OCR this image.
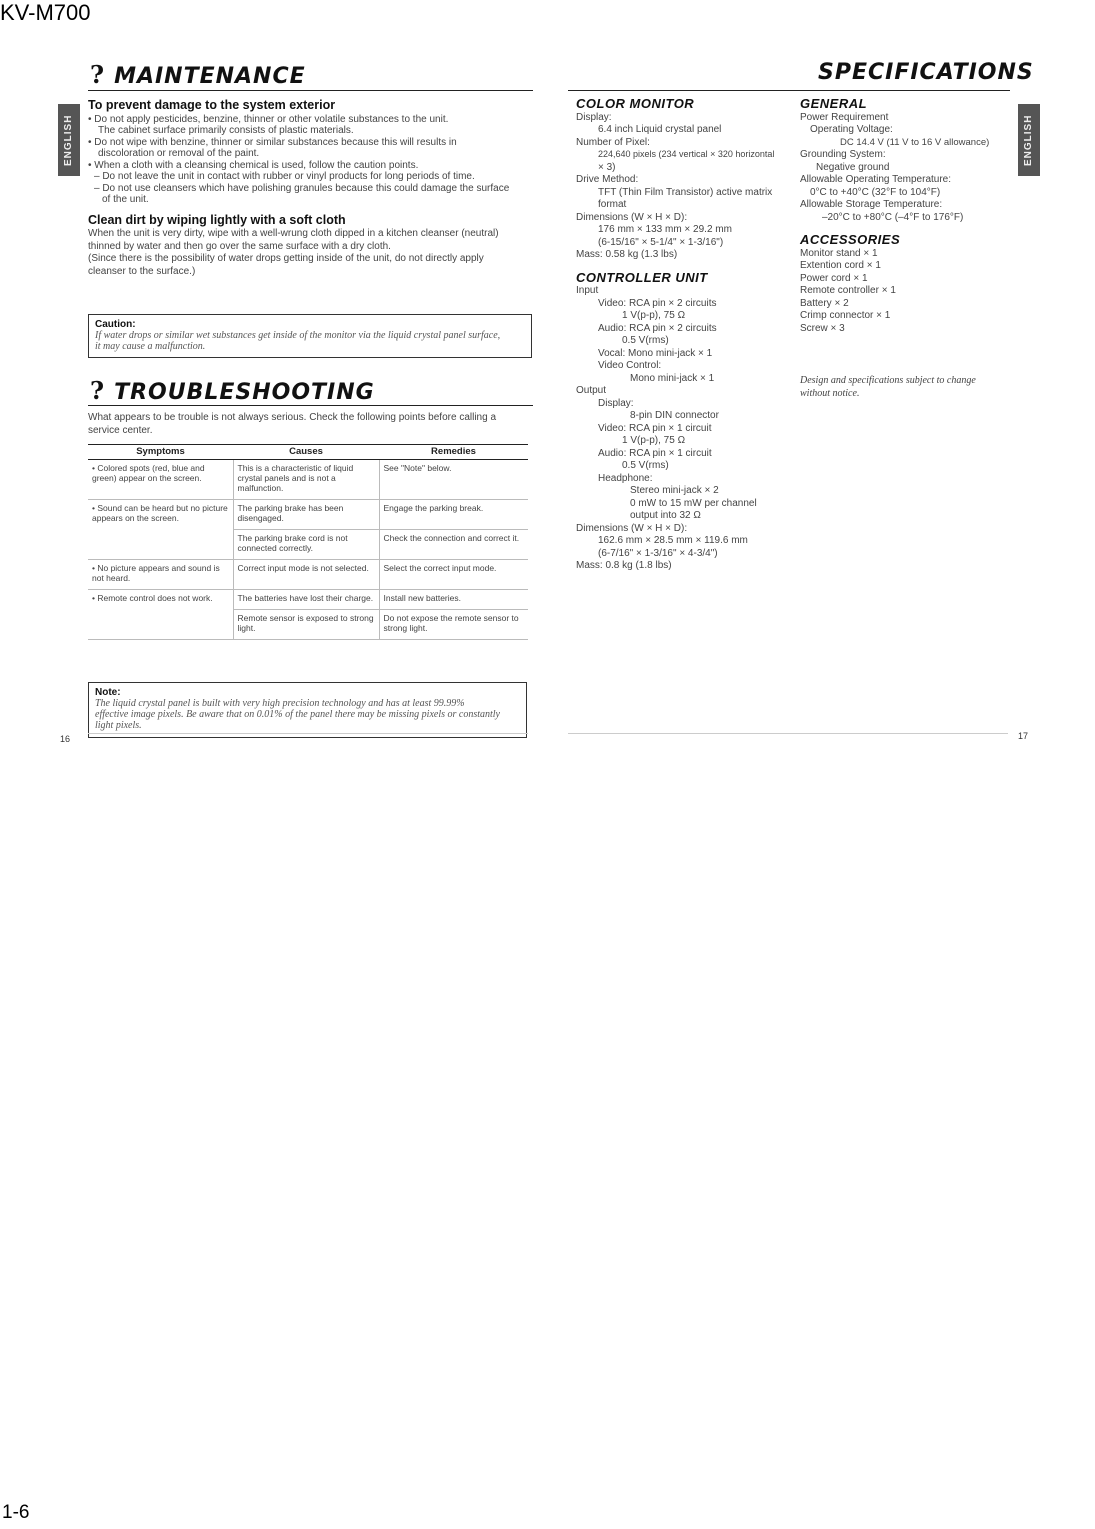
KV-M700
1-6
ENGLISH	ENGLISH
? MAINTENANCE

To prevent damage to the system exterior

• Do not apply pesticides, benzine, thinner or other volatile substances to the unit.

The cabinet surface primarily consists of plastic materials.

• Do not wipe with benzine, thinner or similar substances because this will results in

discoloration or removal of the paint.

• When a cloth with a cleansing chemical is used, follow the caution points.

– Do not leave the unit in contact with rubber or vinyl products for long periods of time.

– Do not use cleansers which have polishing granules because this could damage the surface

of the unit.

Clean dirt by wiping lightly with a soft cloth

When the unit is very dirty, wipe with a well-wrung cloth dipped in a kitchen cleanser (neutral)

thinned by water and then go over the same surface with a dry cloth.

(Since there is the possibility of water drops getting inside of the unit, do not directly apply

cleanser to the surface.)

Caution:
If water drops or similar wet substances get inside of the monitor via the liquid crystal panel surface,
it may cause a malfunction.
? TROUBLESHOOTING

What appears to be trouble is not always serious. Check the following points before calling a

service center.

Symptoms	Causes	Remedies
• Colored spots (red, blue and green) appear on the screen.	This is a characteristic of liquid crystal panels and is not a malfunction.	See "Note" below.
• Sound can be heard but no picture appears on the screen.	The parking brake has been disengaged.	Engage the parking break.
	The parking brake cord is not connected correctly.	Check the connection and correct it.
• No picture appears and sound is not heard.	Correct input mode is not selected.	Select the correct input mode.
• Remote control does not work.	The batteries have lost their charge.	Install new batteries.
	Remote sensor is exposed to strong light.	Do not expose the remote sensor to strong light.
Note:
The liquid crystal panel is built with very high precision technology and has at least 99.99%
effective image pixels. Be aware that on 0.01% of the panel there may be missing pixels or constantly
light pixels.
16	17
SPECIFICATIONS

COLOR MONITOR

Display:

6.4 inch Liquid crystal panel

Number of Pixel:

224,640 pixels (234 vertical × 320 horizontal

× 3)

Drive Method:

TFT (Thin Film Transistor) active matrix

format

Dimensions (W × H × D):

176 mm × 133 mm × 29.2 mm

(6-15/16" × 5-1/4" × 1-3/16")

Mass: 0.58 kg (1.3 lbs)

CONTROLLER UNIT

Input

Video: RCA pin × 2 circuits

1 V(p-p), 75 Ω

Audio: RCA pin × 2 circuits

0.5 V(rms)

Vocal: Mono mini-jack × 1

Video Control:

Mono mini-jack × 1

Output

Display:

8-pin DIN connector

Video: RCA pin × 1 circuit

1 V(p-p), 75 Ω

Audio: RCA pin × 1 circuit

0.5 V(rms)

Headphone:

Stereo mini-jack × 2

0 mW to 15 mW per channel

output into 32 Ω

Dimensions (W × H × D):

162.6 mm × 28.5 mm × 119.6 mm

(6-7/16" × 1-3/16" × 4-3/4")

Mass: 0.8 kg (1.8 lbs)

GENERAL

Power Requirement

Operating Voltage:

DC 14.4 V (11 V to 16 V allowance)

Grounding System:

Negative ground

Allowable Operating Temperature:

0°C to +40°C (32°F to 104°F)

Allowable Storage Temperature:

–20°C to +80°C (–4°F to 176°F)

ACCESSORIES

Monitor stand × 1

Extention cord × 1

Power cord × 1

Remote controller × 1

Battery × 2

Crimp connector × 1

Screw × 3

Design and specifications subject to change

without notice.
